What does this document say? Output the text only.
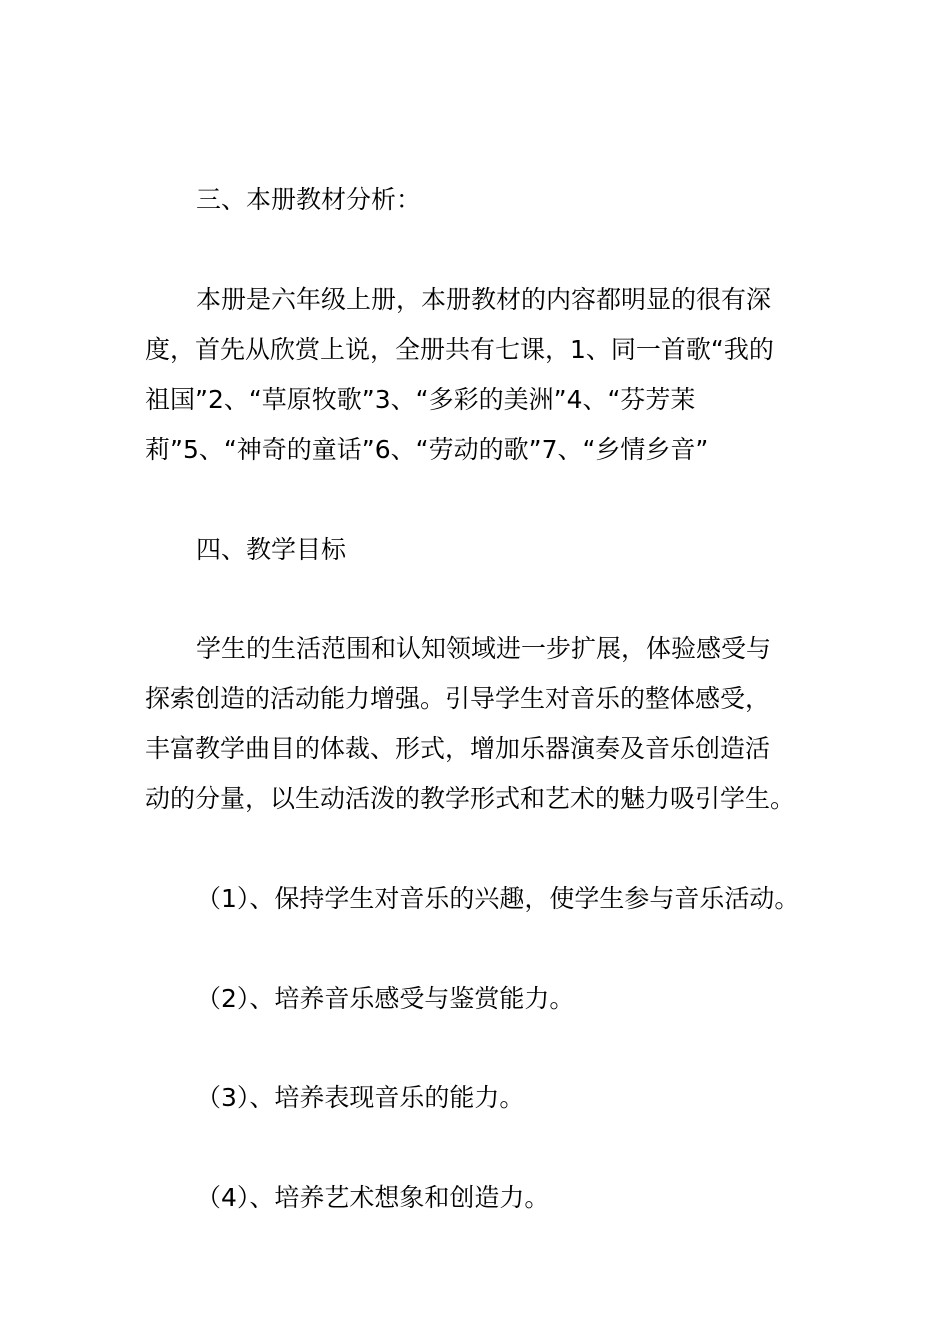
三、本册教材分析：
本册是六年级上册，本册教材的内容都明显的很有深
度，首先从欣赏上说，全册共有七课，1、同一首歌“我的
祖国”2、“草原牧歌”3、“多彩的美洲”4、“芬芳茉
莉”5、“神奇的童话”6、“劳动的歌”7、“乡情乡音”
四、教学目标
学生的生活范围和认知领域进一步扩展，体验感受与
探索创造的活动能力增强。引导学生对音乐的整体感受，
丰富教学曲目的体裁、形式，增加乐器演奏及音乐创造活
动的分量，以生动活泼的教学形式和艺术的魅力吸引学生。
（1）、保持学生对音乐的兴趣，使学生参与音乐活动。
（2）、培养音乐感受与鉴赏能力。
（3）、培养表现音乐的能力。
（4）、培养艺术想象和创造力。
